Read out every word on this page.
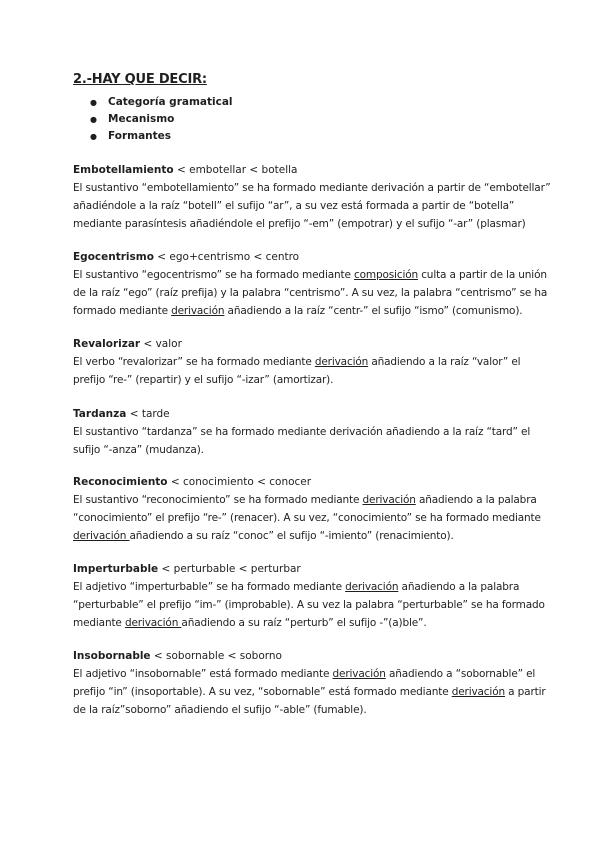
2.-HAY QUE DECIR:
● Categoría gramatical
● Mecanismo
● Formantes
Embotellamiento < embotellar < botella
El sustantivo “embotellamiento” se ha formado mediante derivación a partir de “embotellar”
añadiéndole a la raíz “botell” el sufijo “ar”, a su vez está formada a partir de “botella”
mediante parasíntesis añadiéndole el prefijo “-em” (empotrar) y el sufijo “-ar” (plasmar)
Egocentrismo < ego+centrismo < centro
El sustantivo “egocentrismo” se ha formado mediante composición culta a partir de la unión
de la raíz “ego” (raíz prefija) y la palabra “centrismo”. A su vez, la palabra “centrismo” se ha
formado mediante derivación añadiendo a la raíz “centr-” el sufijo “ismo” (comunismo).
Revalorizar < valor
El verbo “revalorizar” se ha formado mediante derivación añadiendo a la raíz “valor” el
prefijo “re-” (repartir) y el sufijo “-izar” (amortizar).
Tardanza < tarde
El sustantivo “tardanza” se ha formado mediante derivación añadiendo a la raíz “tard” el
sufijo “-anza” (mudanza).
Reconocimiento < conocimiento < conocer
El sustantivo “reconocimiento” se ha formado mediante derivación añadiendo a la palabra
“conocimiento” el prefijo “re-” (renacer). A su vez, “conocimiento” se ha formado mediante
derivación añadiendo a su raíz “conoc” el sufijo “-imiento” (renacimiento).
Imperturbable < perturbable < perturbar
El adjetivo “imperturbable” se ha formado mediante derivación añadiendo a la palabra
“perturbable” el prefijo “im-” (improbable). A su vez la palabra “perturbable” se ha formado
mediante derivación añadiendo a su raíz “perturb” el sufijo -”(a)ble”.
Insobornable < sobornable < soborno
El adjetivo “insobornable” está formado mediante derivación añadiendo a “sobornable” el
prefijo “in” (insoportable). A su vez, “sobornable” está formado mediante derivación a partir
de la raíz”soborno” añadiendo el sufijo “-able” (fumable).
